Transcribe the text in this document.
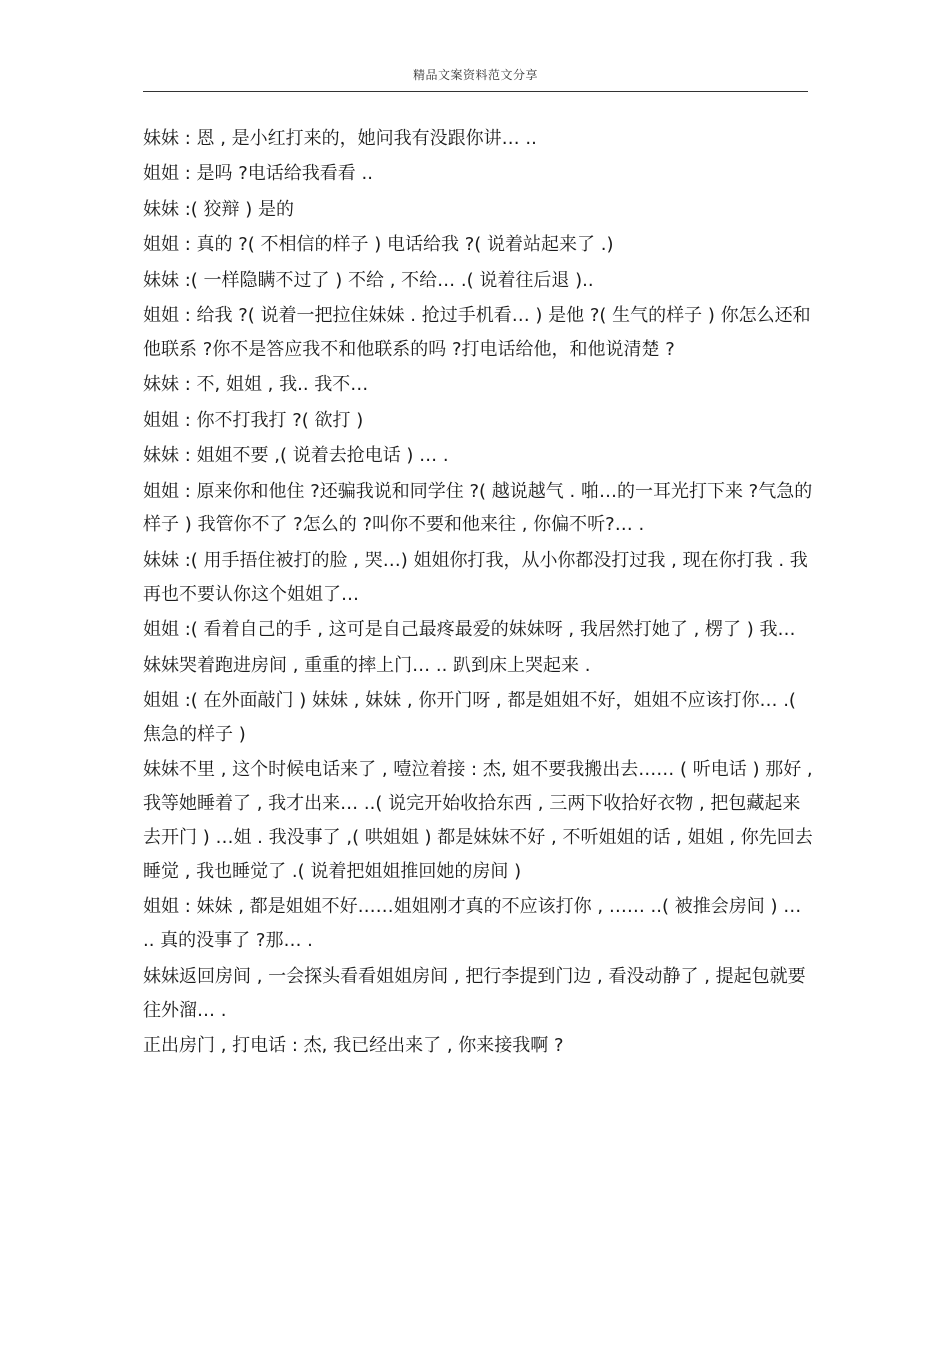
精品文案资料范文分享

妹妹 : 恩 , 是小红打来的，她问我有没跟你讲… ..

姐姐 : 是吗 ?电话给我看看 ..

妹妹 :( 狡辩 ) 是的

姐姐 : 真的 ?( 不相信的样子 ) 电话给我 ?( 说着站起来了 .)

妹妹 :( 一样隐瞒不过了 ) 不给 , 不给… .( 说着往后退 )..

姐姐 : 给我 ?( 说着一把拉住妹妹 . 抢过手机看… ) 是他 ?( 生气的样子 ) 你怎么还和他联系 ?你不是答应我不和他联系的吗 ?打电话给他，和他说清楚 ?

妹妹 : 不, 姐姐 , 我.. 我不…

姐姐 : 你不打我打 ?( 欲打 )

妹妹 : 姐姐不要 ,( 说着去抢电话 ) … .

姐姐 : 原来你和他住 ?还骗我说和同学住 ?( 越说越气 . 啪…的一耳光打下来 ?气急的样子 ) 我管你不了 ?怎么的 ?叫你不要和他来往 , 你偏不听?… .

妹妹 :( 用手捂住被打的脸 , 哭…) 姐姐你打我，从小你都没打过我 , 现在你打我 . 我再也不要认你这个姐姐了…

姐姐 :( 看着自己的手 , 这可是自己最疼最爱的妹妹呀 , 我居然打她了 , 楞了 ) 我…

妹妹哭着跑进房间 , 重重的摔上门… .. 趴到床上哭起来 .

姐姐 :( 在外面敲门 ) 妹妹 , 妹妹 , 你开门呀 , 都是姐姐不好，姐姐不应该打你… .( 焦急的样子 )

妹妹不里 , 这个时候电话来了 , 噎泣着接 : 杰, 姐不要我搬出去…… ( 听电话 ) 那好 , 我等她睡着了 , 我才出来… ..( 说完开始收拾东西 , 三两下收拾好衣物 , 把包藏起来去开门 ) …姐 . 我没事了 ,( 哄姐姐 ) 都是妹妹不好 , 不听姐姐的话 , 姐姐 , 你先回去睡觉 , 我也睡觉了 .( 说着把姐姐推回她的房间 )

姐姐 : 妹妹 , 都是姐姐不好……姐姐刚才真的不应该打你 , …… ..( 被推会房间 ) … .. 真的没事了 ?那… .

妹妹返回房间 , 一会探头看看姐姐房间 , 把行李提到门边 , 看没动静了 , 提起包就要往外溜… .

正出房门 , 打电话 : 杰, 我已经出来了 , 你来接我啊 ?
